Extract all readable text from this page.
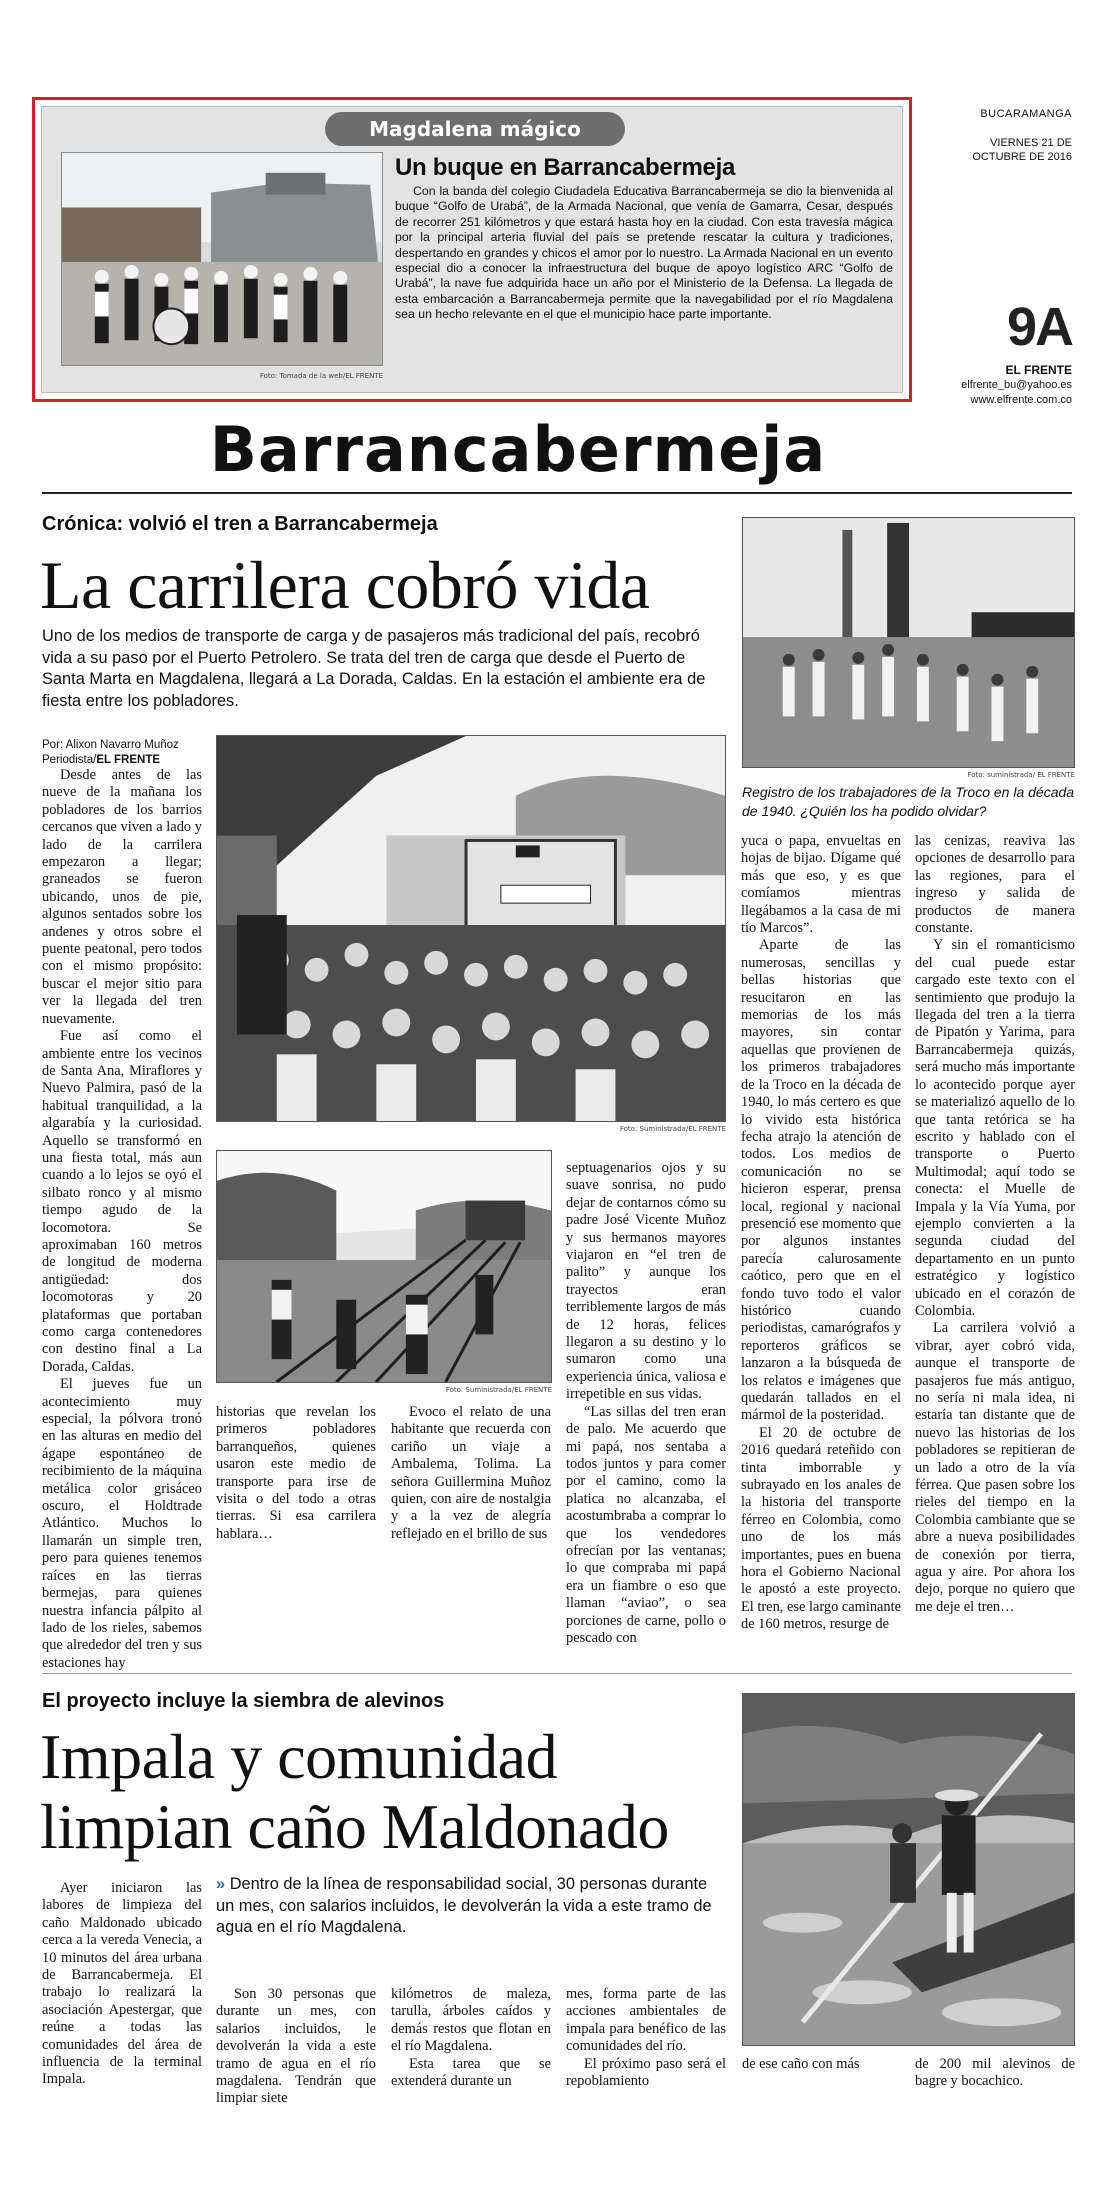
Magdalena mágico
Foto: Tomada de la web/EL FRENTE
Un buque en Barrancabermeja
Con la banda del colegio Ciudadela Educativa Barrancabermeja se dio la bienvenida al buque “Golfo de Urabá”, de la Armada Nacional, que venía de Gamarra, Cesar, después de recorrer 251 kilómetros y que estará hasta hoy en la ciudad. Con esta travesía mágica por la principal arteria fluvial del país se pretende rescatar la cultura y tradiciones, despertando en grandes y chicos el amor por lo nuestro. La Armada Nacional en un evento especial dio a conocer la infraestructura del buque de apoyo logístico ARC “Golfo de Urabá”, la nave fue adquirida hace un año por el Ministerio de la Defensa. La llegada de esta embarcación a Barrancabermeja permite que la navegabilidad por el río Magdalena sea un hecho relevante en el que el municipio hace parte importante.
BUCARAMANGA
VIERNES 21 DE OCTUBRE DE 2016
9A
EL FRENTE
elfrente_bu@yahoo.es
www.elfrente.com.co
Barrancabermeja
Crónica: volvió el tren a Barrancabermeja
La carrilera cobró vida
Uno de los medios de transporte de carga y de pasajeros más tradicional del país, recobró vida a su paso por el Puerto Petrolero. Se trata del tren de carga que desde el Puerto de Santa Marta en Magdalena, llegará a La Dorada, Caldas. En la estación el ambiente era de fiesta entre los pobladores.
Foto: suministrada/ EL FRENTE
Registro de los trabajadores de la Troco en la década de 1940. ¿Quién los ha podido olvidar?
Por: Alixon Navarro Muñoz
Periodista/EL FRENTE

Desde antes de las nueve de la mañana los pobladores de los barrios cercanos que viven a lado y lado de la carrilera empezaron a llegar; graneados se fueron ubicando, unos de pie, algunos sentados sobre los andenes y otros sobre el puente peatonal, pero todos con el mismo propósito: buscar el mejor sitio para ver la llegada del tren nuevamente.

Fue así como el ambiente entre los vecinos de Santa Ana, Miraflores y Nuevo Palmira, pasó de la habitual tranquilidad, a la algarabía y la curiosidad. Aquello se transformó en una fiesta total, más aun cuando a lo lejos se oyó el silbato ronco y al mismo tiempo agudo de la locomotora. Se aproximaban 160 metros de longitud de moderna antigüedad: dos locomotoras y 20 plataformas que portaban como carga contenedores con destino final a La Dorada, Caldas.

El jueves fue un acontecimiento muy especial, la pólvora tronó en las alturas en medio del ágape espontáneo de recibimiento de la máquina metálica color grisáceo oscuro, el Holdtrade Atlántico. Muchos lo llamarán un simple tren, pero para quienes tenemos raíces en las tierras bermejas, para quienes nuestra infancia pálpito al lado de los rieles, sabemos que alrededor del tren y sus estaciones hay

Foto: Suministrada/EL FRENTE
Foto: Suministrada/EL FRENTE

historias que revelan los primeros pobladores barranqueños, quienes usaron este medio de transporte para irse de visita o del todo a otras tierras. Si esa carrilera hablara…

Evoco el relato de una habitante que recuerda con cariño un viaje a Ambalema, Tolima. La señora Guillermina Muñoz quien, con aire de nostalgia y a la vez de alegría reflejado en el brillo de sus

septuagenarios ojos y su suave sonrisa, no pudo dejar de contarnos cómo su padre José Vicente Muñoz y sus hermanos mayores viajaron en “el tren de palito” y aunque los trayectos eran terriblemente largos de más de 12 horas, felices llegaron a su destino y lo sumaron como una experiencia única, valiosa e irrepetible en sus vidas.

“Las sillas del tren eran de palo. Me acuerdo que mi papá, nos sentaba a todos juntos y para comer por el camino, como la platica no alcanzaba, el acostumbraba a comprar lo que los vendedores ofrecían por las ventanas; lo que compraba mi papá era un fiambre o eso que llaman “aviao”, o sea porciones de carne, pollo o pescado con

yuca o papa, envueltas en hojas de bijao. Dígame qué más que eso, y es que comíamos mientras llegábamos a la casa de mi tío Marcos”.

Aparte de las numerosas, sencillas y bellas historias que resucitaron en las memorias de los más mayores, sin contar aquellas que provienen de los primeros trabajadores de la Troco en la década de 1940, lo más certero es que lo vivido esta histórica fecha atrajo la atención de todos. Los medios de comunicación no se hicieron esperar, prensa local, regional y nacional presenció ese momento que por algunos instantes parecía calurosamente caótico, pero que en el fondo tuvo todo el valor histórico cuando periodistas, camarógrafos y reporteros gráficos se lanzaron a la búsqueda de los relatos e imágenes que quedarán tallados en el mármol de la posteridad.

El 20 de octubre de 2016 quedará reteñido con tinta imborrable y subrayado en los anales de la historia del transporte férreo en Colombia, como uno de los más importantes, pues en buena hora el Gobierno Nacional le apostó a este proyecto. El tren, ese largo caminante de 160 metros, resurge de

las cenizas, reaviva las opciones de desarrollo para las regiones, para el ingreso y salida de productos de manera constante.

Y sin el romanticismo del cual puede estar cargado este texto con el sentimiento que produjo la llegada del tren a la tierra de Pipatón y Yarima, para Barrancabermeja quizás, será mucho más importante lo acontecido porque ayer se materializó aquello de lo que tanta retórica se ha escrito y hablado con el transporte o Puerto Multimodal; aquí todo se conecta: el Muelle de Impala y la Vía Yuma, por ejemplo convierten a la segunda ciudad del departamento en un punto estratégico y logístico ubicado en el corazón de Colombia.

La carrilera volvió a vibrar, ayer cobró vida, aunque el transporte de pasajeros fue más antiguo, no sería ni mala idea, ni estaría tan distante que de nuevo las historias de los pobladores se repitieran de un lado a otro de la vía férrea. Que pasen sobre los rieles del tiempo en la Colombia cambiante que se abre a nueva posibilidades de conexión por tierra, agua y aire. Por ahora los dejo, porque no quiero que me deje el tren…

El proyecto incluye la siembra de alevinos
Impala y comunidad
limpian caño Maldonado
» Dentro de la línea de responsabilidad social, 30 personas durante un mes, con salarios incluidos, le devolverán la vida a este tramo de agua en el río Magdalena.

Ayer iniciaron las labores de limpieza del caño Maldonado ubicado cerca a la vereda Venecia, a 10 minutos del área urbana de Barrancabermeja. El trabajo lo realizará la asociación Apestergar, que reúne a todas las comunidades del área de influencia de la terminal Impala.

Son 30 personas que durante un mes, con salarios incluidos, le devolverán la vida a este tramo de agua en el río magdalena. Tendrán que limpiar siete

kilómetros de maleza, tarulla, árboles caídos y demás restos que flotan en el río Magdalena.

Esta tarea que se extenderá durante un

mes, forma parte de las acciones ambientales de impala para benéfico de las comunidades del río.

El próximo paso será el repoblamiento

de ese caño con más	de 200 mil alevinos de bagre y bocachico.
